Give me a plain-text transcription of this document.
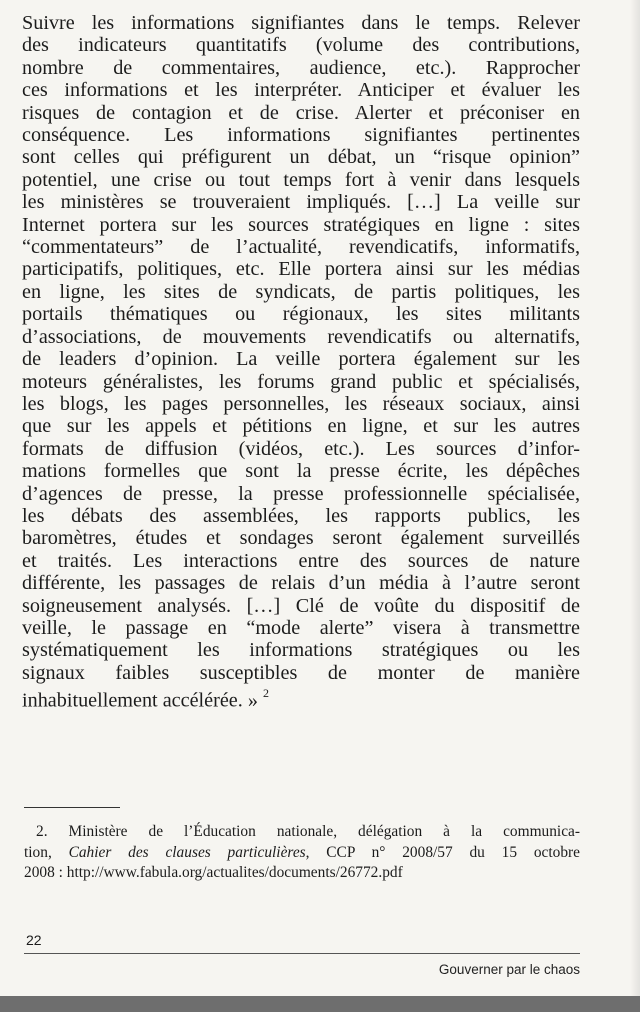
Suivre les informations signifiantes dans le temps. Relever
des indicateurs quantitatifs (volume des contributions,
nombre de commentaires, audience, etc.). Rapprocher
ces informations et les interpréter. Anticiper et évaluer les
risques de contagion et de crise. Alerter et préconiser en
conséquence. Les informations signifiantes pertinentes
sont celles qui préfigurent un débat, un “risque opinion”
potentiel, une crise ou tout temps fort à venir dans lesquels
les ministères se trouveraient impliqués. […] La veille sur
Internet portera sur les sources stratégiques en ligne : sites
“commentateurs” de l’actualité, revendicatifs, informatifs,
participatifs, politiques, etc. Elle portera ainsi sur les médias
en ligne, les sites de syndicats, de partis politiques, les
portails thématiques ou régionaux, les sites militants
d’associations, de mouvements revendicatifs ou alternatifs,
de leaders d’opinion. La veille portera également sur les
moteurs généralistes, les forums grand public et spécialisés,
les blogs, les pages personnelles, les réseaux sociaux, ainsi
que sur les appels et pétitions en ligne, et sur les autres
formats de diffusion (vidéos, etc.). Les sources d’infor-
mations formelles que sont la presse écrite, les dépêches
d’agences de presse, la presse professionnelle spécialisée,
les débats des assemblées, les rapports publics, les
baromètres, études et sondages seront également surveillés
et traités. Les interactions entre des sources de nature
différente, les passages de relais d’un média à l’autre seront
soigneusement analysés. […] Clé de voûte du dispositif de
veille, le passage en “mode alerte” visera à transmettre
systématiquement les informations stratégiques ou les
signaux faibles susceptibles de monter de manière
inhabituellement accélérée. » $^2$
2. Ministère de l’Éducation nationale, délégation à la communica-
tion, Cahier des clauses particulières, CCP n° 2008/57 du 15 octobre
2008 : http://www.fabula.org/actualites/documents/26772.pdf
22
Gouverner par le chaos
